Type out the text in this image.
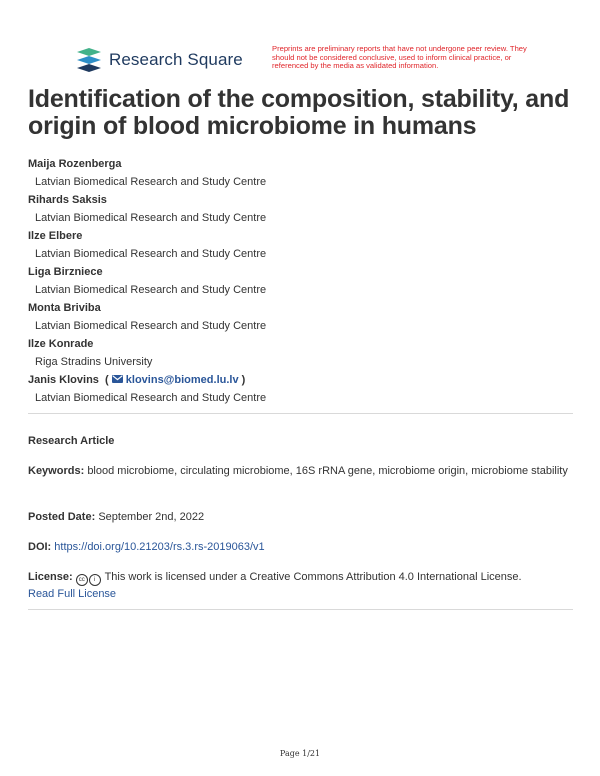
Research Square
Preprints are preliminary reports that have not undergone peer review. They should not be considered conclusive, used to inform clinical practice, or referenced by the media as validated information.
Identification of the composition, stability, and origin of blood microbiome in humans
Maija Rozenberga
Latvian Biomedical Research and Study Centre
Rihards Saksis
Latvian Biomedical Research and Study Centre
Ilze Elbere
Latvian Biomedical Research and Study Centre
Liga Birzniece
Latvian Biomedical Research and Study Centre
Monta Briviba
Latvian Biomedical Research and Study Centre
Ilze Konrade
Riga Stradins University
Janis Klovins ( klovins@biomed.lu.lv )
Latvian Biomedical Research and Study Centre
Research Article
Keywords: blood microbiome, circulating microbiome, 16S rRNA gene, microbiome origin, microbiome stability
Posted Date: September 2nd, 2022
DOI: https://doi.org/10.21203/rs.3.rs-2019063/v1
License: cc i This work is licensed under a Creative Commons Attribution 4.0 International License.
Read Full License
Page 1/21
